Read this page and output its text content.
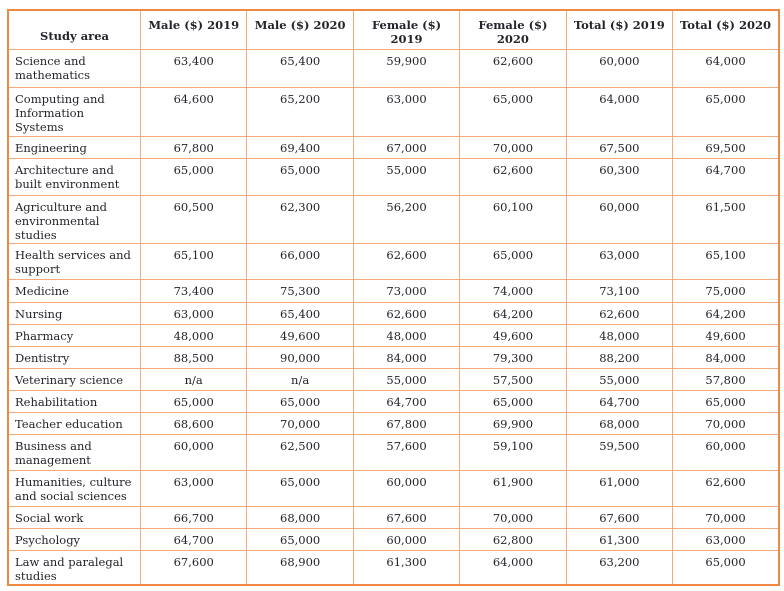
Study area	Male ($) 2019	Male ($) 2020	Female ($) 2019	Female ($) 2020	Total ($) 2019	Total ($) 2020
Science and mathematics	63,400	65,400	59,900	62,600	60,000	64,000
Computing and Information Systems	64,600	65,200	63,000	65,000	64,000	65,000
Engineering	67,800	69,400	67,000	70,000	67,500	69,500
Architecture and built environment	65,000	65,000	55,000	62,600	60,300	64,700
Agriculture and environmental studies	60,500	62,300	56,200	60,100	60,000	61,500
Health services and support	65,100	66,000	62,600	65,000	63,000	65,100
Medicine	73,400	75,300	73,000	74,000	73,100	75,000
Nursing	63,000	65,400	62,600	64,200	62,600	64,200
Pharmacy	48,000	49,600	48,000	49,600	48,000	49,600
Dentistry	88,500	90,000	84,000	79,300	88,200	84,000
Veterinary science	n/a	n/a	55,000	57,500	55,000	57,800
Rehabilitation	65,000	65,000	64,700	65,000	64,700	65,000
Teacher education	68,600	70,000	67,800	69,900	68,000	70,000
Business and management	60,000	62,500	57,600	59,100	59,500	60,000
Humanities, culture and social sciences	63,000	65,000	60,000	61,900	61,000	62,600
Social work	66,700	68,000	67,600	70,000	67,600	70,000
Psychology	64,700	65,000	60,000	62,800	61,300	63,000
Law and paralegal studies	67,600	68,900	61,300	64,000	63,200	65,000
